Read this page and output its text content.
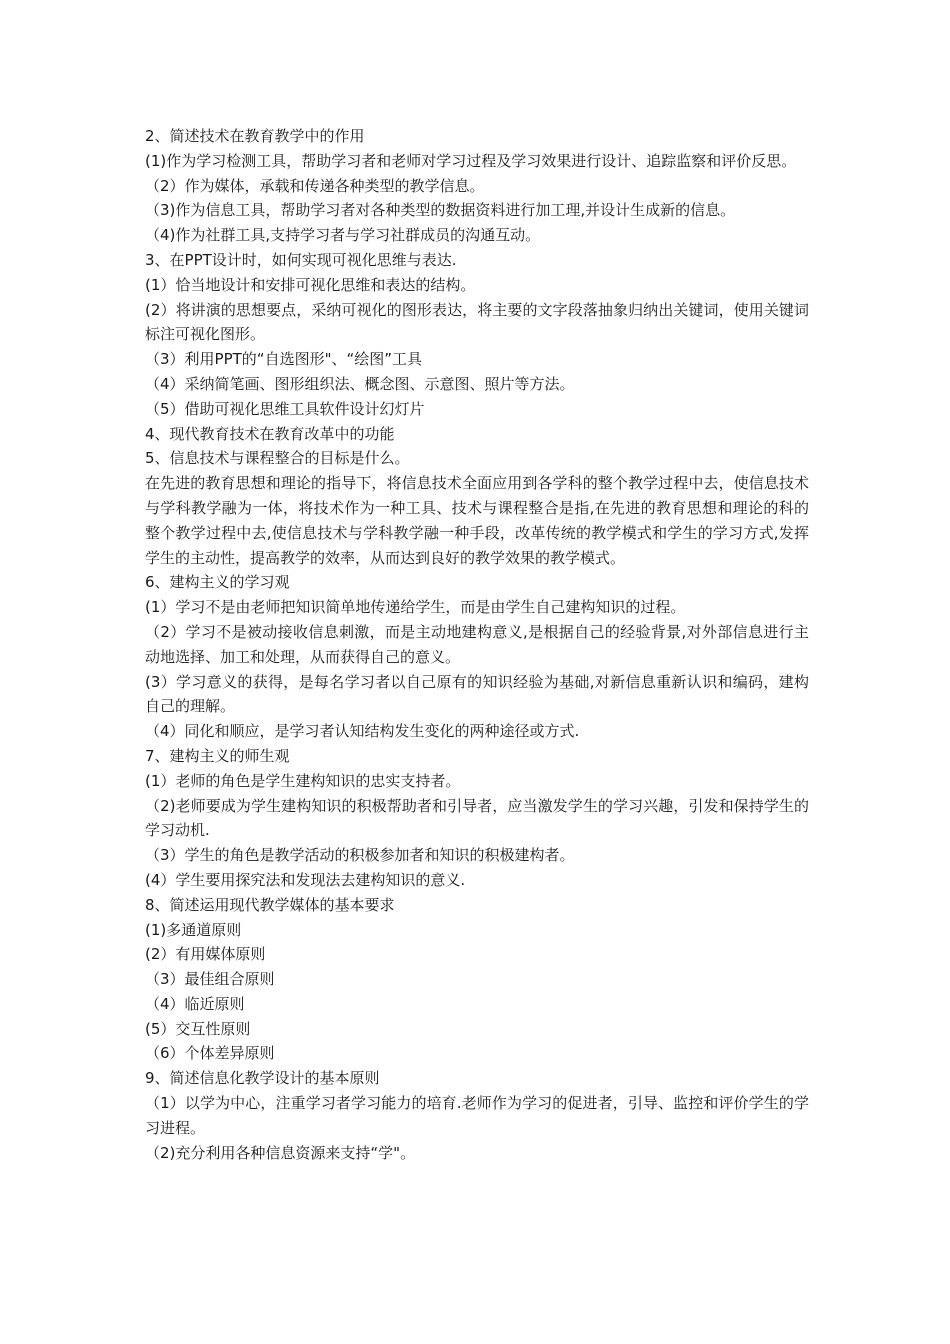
2、简述技术在教育教学中的作用

(1)作为学习检测工具，帮助学习者和老师对学习过程及学习效果进行设计、追踪监察和评价反思。

（2）作为媒体，承载和传递各种类型的教学信息。

（3)作为信息工具，帮助学习者对各种类型的数据资料进行加工理,并设计生成新的信息。

（4)作为社群工具,支持学习者与学习社群成员的沟通互动。

3、在PPT设计时，如何实现可视化思维与表达.

(1）恰当地设计和安排可视化思维和表达的结构。

(2）将讲演的思想要点，采纳可视化的图形表达，将主要的文字段落抽象归纳出关键词，使用关键词标注可视化图形。

（3）利用PPT的“自选图形"、“绘图”工具

（4）采纳简笔画、图形组织法、概念图、示意图、照片等方法。

（5）借助可视化思维工具软件设计幻灯片

4、现代教育技术在教育改革中的功能

5、信息技术与课程整合的目标是什么。

在先进的教育思想和理论的指导下，将信息技术全面应用到各学科的整个教学过程中去，使信息技术与学科教学融为一体，将技术作为一种工具、技术与课程整合是指,在先进的教育思想和理论的科的整个教学过程中去,使信息技术与学科教学融一种手段，改革传统的教学模式和学生的学习方式,发挥学生的主动性，提高教学的效率，从而达到良好的教学效果的教学模式。

6、建构主义的学习观

(1）学习不是由老师把知识简单地传递给学生，而是由学生自己建构知识的过程。

（2）学习不是被动接收信息刺激，而是主动地建构意义,是根据自己的经验背景,对外部信息进行主动地选择、加工和处理，从而获得自己的意义。

(3）学习意义的获得，是每名学习者以自己原有的知识经验为基础,对新信息重新认识和编码，建构自己的理解。

（4）同化和顺应，是学习者认知结构发生变化的两种途径或方式.

7、建构主义的师生观

(1）老师的角色是学生建构知识的忠实支持者。

（2)老师要成为学生建构知识的积极帮助者和引导者，应当激发学生的学习兴趣，引发和保持学生的学习动机.

（3）学生的角色是教学活动的积极参加者和知识的积极建构者。

(4）学生要用探究法和发现法去建构知识的意义.

8、简述运用现代教学媒体的基本要求

(1)多通道原则

(2）有用媒体原则

（3）最佳组合原则

（4）临近原则

(5）交互性原则

（6）个体差异原则

9、简述信息化教学设计的基本原则

（1）以学为中心，注重学习者学习能力的培育.老师作为学习的促进者，引导、监控和评价学生的学习进程。

（2)充分利用各种信息资源来支持“学"。
